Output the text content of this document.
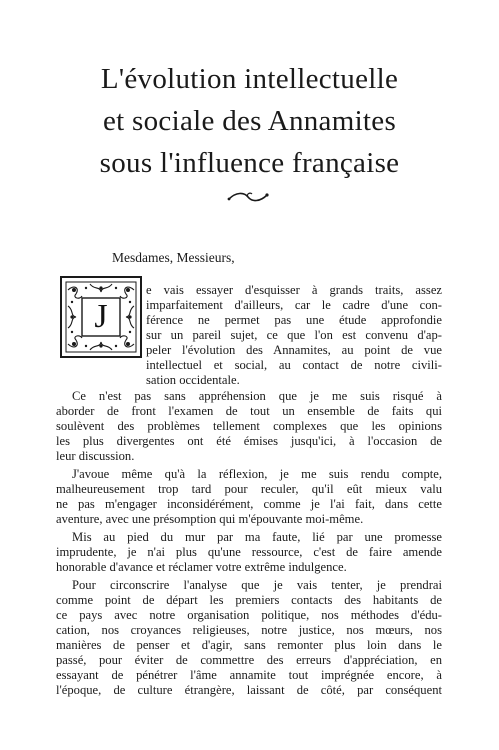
L'évolution intellectuelle
et sociale des Annamites
sous l'influence française
Mesdames, Messieurs,
J
e vais essayer d'esquisser à grands traits, assez
imparfaitement d'ailleurs, car le cadre d'une con-
férence ne permet pas une étude approfondie
sur un pareil sujet, ce que l'on est convenu d'ap-
peler l'évolution des Annamites, au point de vue
intellectuel et social, au contact de notre civili-
sation occidentale.
Ce n'est pas sans appréhension que je me suis risqué à
aborder de front l'examen de tout un ensemble de faits qui
soulèvent des problèmes tellement complexes que les opinions
les plus divergentes ont été émises jusqu'ici, à l'occasion de
leur discussion.
J'avoue même qu'à la réflexion, je me suis rendu compte,
malheureusement trop tard pour reculer, qu'il eût mieux valu
ne pas m'engager inconsidérément, comme je l'ai fait, dans cette
aventure, avec une présomption qui m'épouvante moi-même.
Mis au pied du mur par ma faute, lié par une promesse
imprudente, je n'ai plus qu'une ressource, c'est de faire amende
honorable d'avance et réclamer votre extrême indulgence.
Pour circonscrire l'analyse que je vais tenter, je prendrai
comme point de départ les premiers contacts des habitants de
ce pays avec notre organisation politique, nos méthodes d'édu-
cation, nos croyances religieuses, notre justice, nos mœurs, nos
manières de penser et d'agir, sans remonter plus loin dans le
passé, pour éviter de commettre des erreurs d'appréciation, en
essayant de pénétrer l'âme annamite tout imprégnée encore, à
l'époque, de culture étrangère, laissant de côté, par conséquent
